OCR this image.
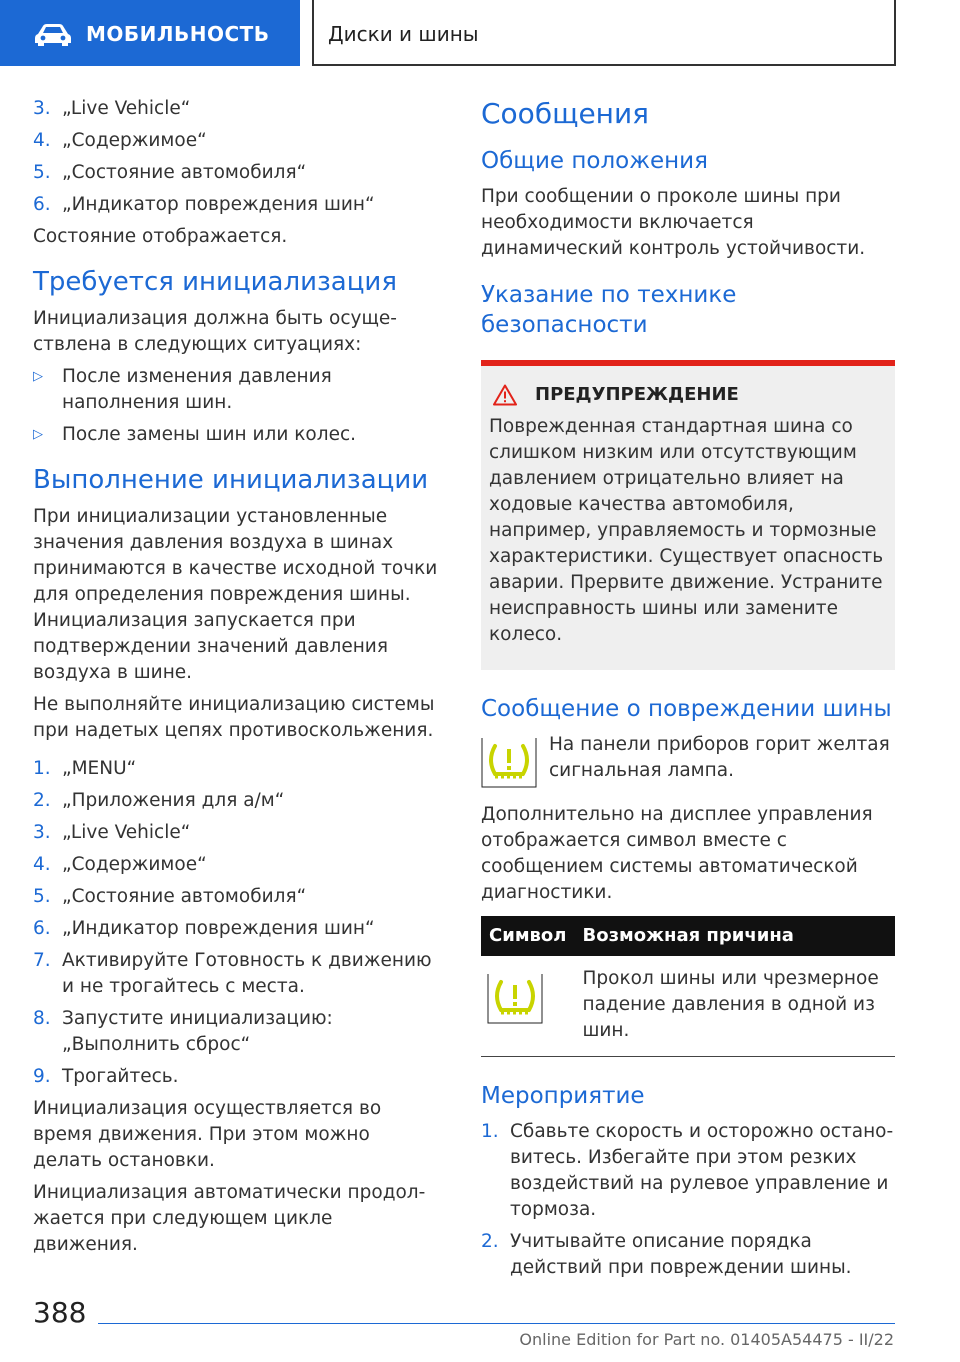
МОБИЛЬНОСТЬ	Диски и шины
3. „Live Vehicle“
4. „Содержимое“
5. „Состояние автомобиля“
6. „Индикатор повреждения шин“

Состояние отображается.

Требуется инициализация

Инициализация должна быть осуществлена в следующих ситуациях:

▷	После изменения давления наполнения шин.
▷	После замены шин или колес.
Выполнение инициализации

При инициализации установленные значения давления воздуха в шинах принимаются в качестве исходной точки для определения повреждения шины. Инициализация запускается при подтверждении значений давления воздуха в шине.

Не выполняйте инициализацию системы при надетых цепях противоскольжения.

1. „MENU“
2. „Приложения для а/м“
3. „Live Vehicle“
4. „Содержимое“
5. „Состояние автомобиля“
6. „Индикатор повреждения шин“
7. Активируйте Готовность к движению и не трогайтесь с места.
8. Запустите инициализацию: „Выполнить сброс“
9. Трогайтесь.

Инициализация осуществляется во время движения. При этом можно делать остановки.

Инициализация автоматически продолжается при следующем цикле движения.

Сообщения
Общие положения

При сообщении о проколе шины при необходимости включается динамический контроль устойчивости.

Указание по технике безопасности
ПРЕДУПРЕЖДЕНИЕ

Поврежденная стандартная шина со слишком низким или отсутствующим давлением отрицательно влияет на ходовые качества автомобиля, например, управляемость и тормозные характеристики. Существует опасность аварии. Прервите движение. Устраните неисправность шины или замените колесо.

Сообщение о повреждении шины

На панели приборов горит желтая сигнальная лампа.

Дополнительно на дисплее управления отображается символ вместе с сообщением системы автоматической диагностики.

Символ	Возможная причина
	Прокол шины или чрезмерное падение давления в одной из шин.
Мероприятие
1. Сбавьте скорость и осторожно остановитесь. Избегайте при этом резких воздействий на рулевое управление и тормоза.
2. Учитывайте описание порядка действий при повреждении шины.
388
Online Edition for Part no. 01405A54475 - II/22
